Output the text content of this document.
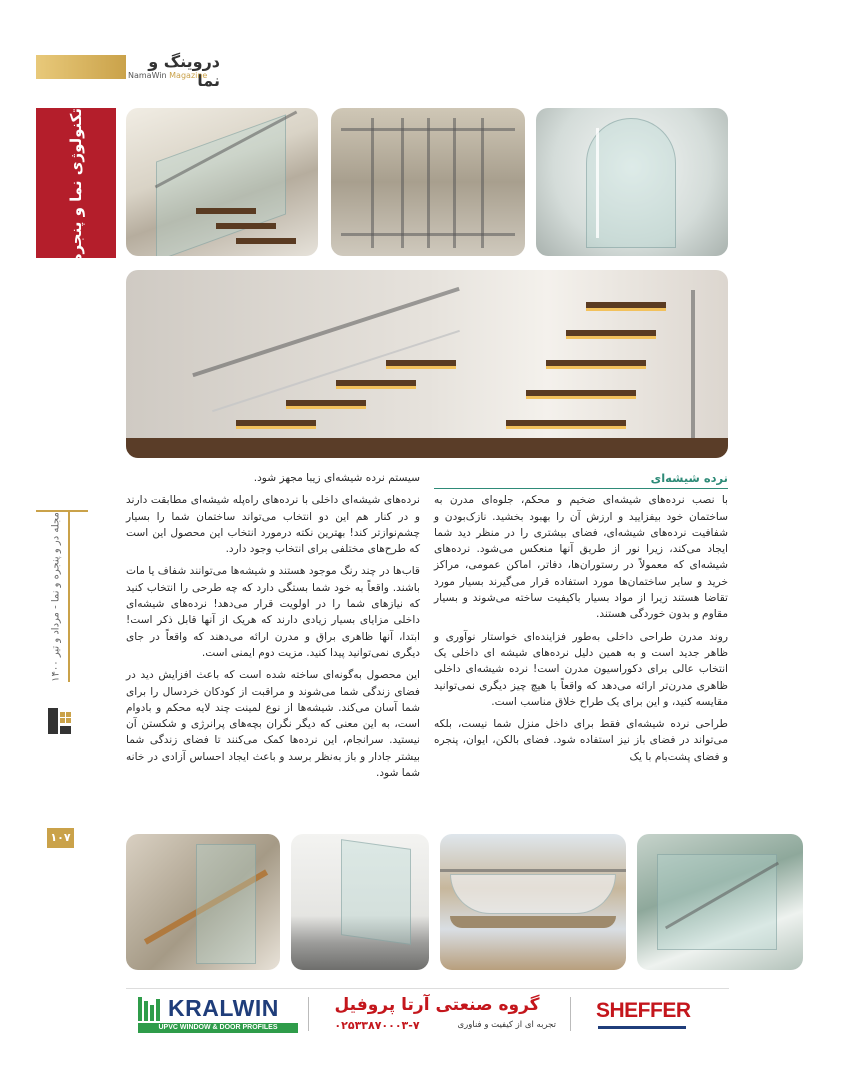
دروینگ و نما
NamaWin Magazine
تکنولوژی نما و پنجره
مجله در و پنجره و نما - مرداد و تیر ۱۴۰۰
۱۰۷
نرده شیشه‌ای

با نصب نرده‌های شیشه‌ای ضخیم و محکم، جلوه‌ای مدرن به ساختمان خود بیفزایید و ارزش آن را بهبود بخشید. نازک‌بودن و شفافیت نرده‌های شیشه‌ای، فضای بیشتری را در منظر دید شما ایجاد می‌کند، زیرا نور از طریق آنها منعکس می‌شود. نرده‌های شیشه‌ای که معمولاً در رستوران‌ها، دفاتر، اماکن عمومی، مراکز خرید و سایر ساختمان‌ها مورد استفاده قرار می‌گیرند بسیار مورد تقاضا هستند زیرا از مواد بسیار باکیفیت ساخته می‌شوند و بسیار مقاوم و بدون خوردگی هستند.

روند مدرن طراحی داخلی به‌طور فزاینده‌ای خواستار نوآوری و ظاهر جدید است و به همین دلیل نرده‌های شیشه ای داخلی یک انتخاب عالی برای دکوراسیون مدرن است! نرده شیشه‌ای داخلی ظاهری مدرن‌تر ارائه می‌دهد که واقعاً با هیچ چیز دیگری نمی‌توانید مقایسه کنید، و این برای یک طراح خلاق مناسب است.

طراحی نرده شیشه‌ای فقط برای داخل منزل شما نیست، بلکه می‌تواند در فضای باز نیز استفاده شود. فضای بالکن، ایوان، پنجره و فضای پشت‌بام با یک

سیستم نرده شیشه‌ای زیبا مجهز شود.

نرده‌های شیشه‌ای داخلی با نرده‌های راه‌پله شیشه‌ای مطابقت دارند و در کنار هم این دو انتخاب می‌تواند ساختمان شما را بسیار چشم‌نوازتر کند! بهترین نکته درمورد انتخاب این محصول این است که طرح‌های مختلفی برای انتخاب وجود دارد.

قاب‌ها در چند رنگ موجود هستند و شیشه‌ها می‌توانند شفاف یا مات باشند. واقعاً به خود شما بستگی دارد که چه طرحی را انتخاب کنید که نیازهای شما را در اولویت قرار می‌دهد! نرده‌های شیشه‌ای داخلی مزایای بسیار زیادی دارند که هریک از آنها قابل ذکر است! ابتدا، آنها ظاهری براق و مدرن ارائه می‌دهند که واقعاً در جای دیگری نمی‌توانید پیدا کنید. مزیت دوم ایمنی است.

این محصول به‌گونه‌ای ساخته شده است که باعث افزایش دید در فضای زندگی شما می‌شوند و مراقبت از کودکان خردسال را برای شما آسان می‌کند. شیشه‌ها از نوع لمینت چند لایه محکم و بادوام است، به این معنی که دیگر نگران بچه‌های پرانرژی و شکستن آن نیستید. سرانجام، این نرده‌ها کمک می‌کنند تا فضای زندگی شما بیشتر جادار و باز به‌نظر برسد و باعث ایجاد احساس آزادی در خانه شما شود.

KRALWIN
UPVC WINDOW & DOOR PROFILES
گروه صنعتی آرتا پروفیل
۰۲۵۳۳۸۷۰۰۰۳-۷	تجربه ای از کیفیت و فناوری
SHEFFER
